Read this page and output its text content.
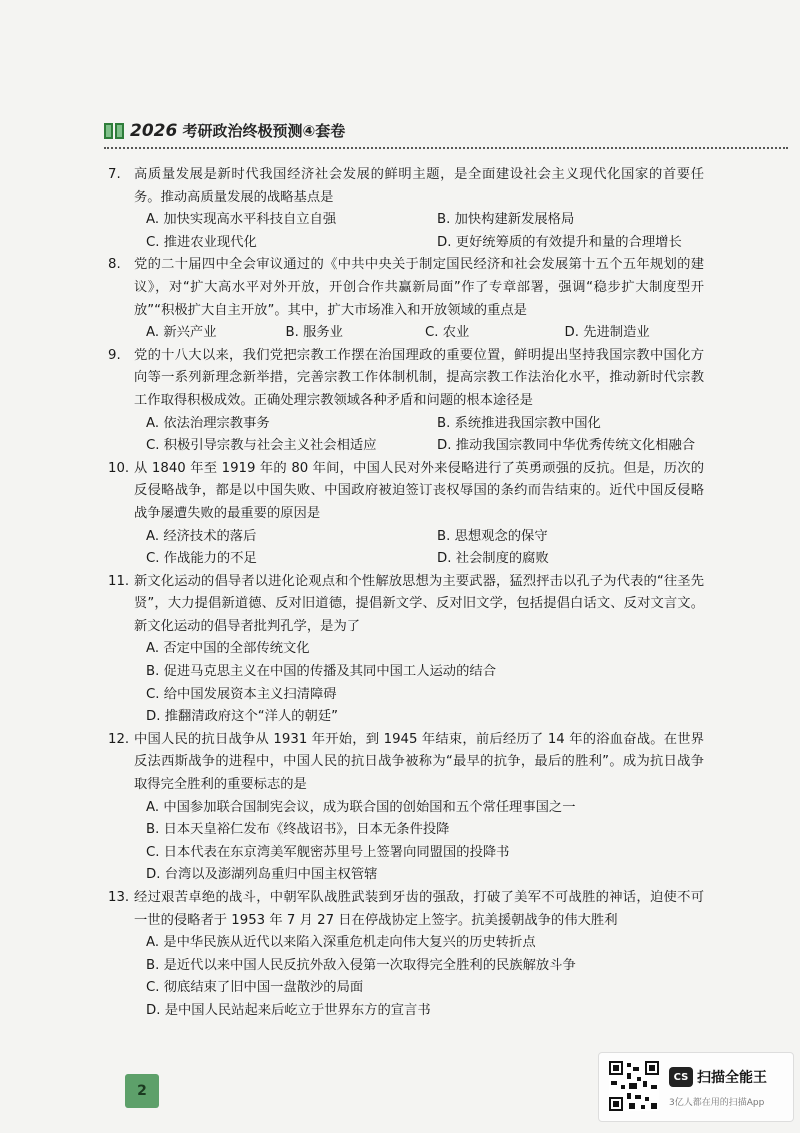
2026 考研政治终极预测④套卷
7.	高质量发展是新时代我国经济社会发展的鲜明主题，是全面建设社会主义现代化国家的首要任务。推动高质量发展的战略基点是
A. 加快实现高水平科技自立自强	B. 加快构建新发展格局
C. 推进农业现代化	D. 更好统筹质的有效提升和量的合理增长
8.	党的二十届四中全会审议通过的《中共中央关于制定国民经济和社会发展第十五个五年规划的建议》，对“扩大高水平对外开放，开创合作共赢新局面”作了专章部署，强调“稳步扩大制度型开放”“积极扩大自主开放”。其中，扩大市场准入和开放领域的重点是
A. 新兴产业	B. 服务业	C. 农业	D. 先进制造业
9.	党的十八大以来，我们党把宗教工作摆在治国理政的重要位置，鲜明提出坚持我国宗教中国化方向等一系列新理念新举措，完善宗教工作体制机制，提高宗教工作法治化水平，推动新时代宗教工作取得积极成效。正确处理宗教领域各种矛盾和问题的根本途径是
A. 依法治理宗教事务	B. 系统推进我国宗教中国化
C. 积极引导宗教与社会主义社会相适应	D. 推动我国宗教同中华优秀传统文化相融合
10. 从 1840 年至 1919 年的 80 年间，中国人民对外来侵略进行了英勇顽强的反抗。但是，历次的反侵略战争，都是以中国失败、中国政府被迫签订丧权辱国的条约而告结束的。近代中国反侵略战争屡遭失败的最重要的原因是
A. 经济技术的落后	B. 思想观念的保守
C. 作战能力的不足	D. 社会制度的腐败
11. 新文化运动的倡导者以进化论观点和个性解放思想为主要武器，猛烈抨击以孔子为代表的“往圣先贤”，大力提倡新道德、反对旧道德，提倡新文学、反对旧文学，包括提倡白话文、反对文言文。新文化运动的倡导者批判孔学，是为了
A. 否定中国的全部传统文化
B. 促进马克思主义在中国的传播及其同中国工人运动的结合
C. 给中国发展资本主义扫清障碍
D. 推翻清政府这个“洋人的朝廷”
12. 中国人民的抗日战争从 1931 年开始，到 1945 年结束，前后经历了 14 年的浴血奋战。在世界反法西斯战争的进程中，中国人民的抗日战争被称为“最早的抗争，最后的胜利”。成为抗日战争取得完全胜利的重要标志的是
A. 中国参加联合国制宪会议，成为联合国的创始国和五个常任理事国之一
B. 日本天皇裕仁发布《终战诏书》，日本无条件投降
C. 日本代表在东京湾美军舰密苏里号上签署向同盟国的投降书
D. 台湾以及澎湖列岛重归中国主权管辖
13. 经过艰苦卓绝的战斗，中朝军队战胜武装到牙齿的强敌，打破了美军不可战胜的神话，迫使不可一世的侵略者于 1953 年 7 月 27 日在停战协定上签字。抗美援朝战争的伟大胜利
A. 是中华民族从近代以来陷入深重危机走向伟大复兴的历史转折点
B. 是近代以来中国人民反抗外敌入侵第一次取得完全胜利的民族解放斗争
C. 彻底结束了旧中国一盘散沙的局面
D. 是中国人民站起来后屹立于世界东方的宣言书
2
CS 扫描全能王
3亿人都在用的扫描App
